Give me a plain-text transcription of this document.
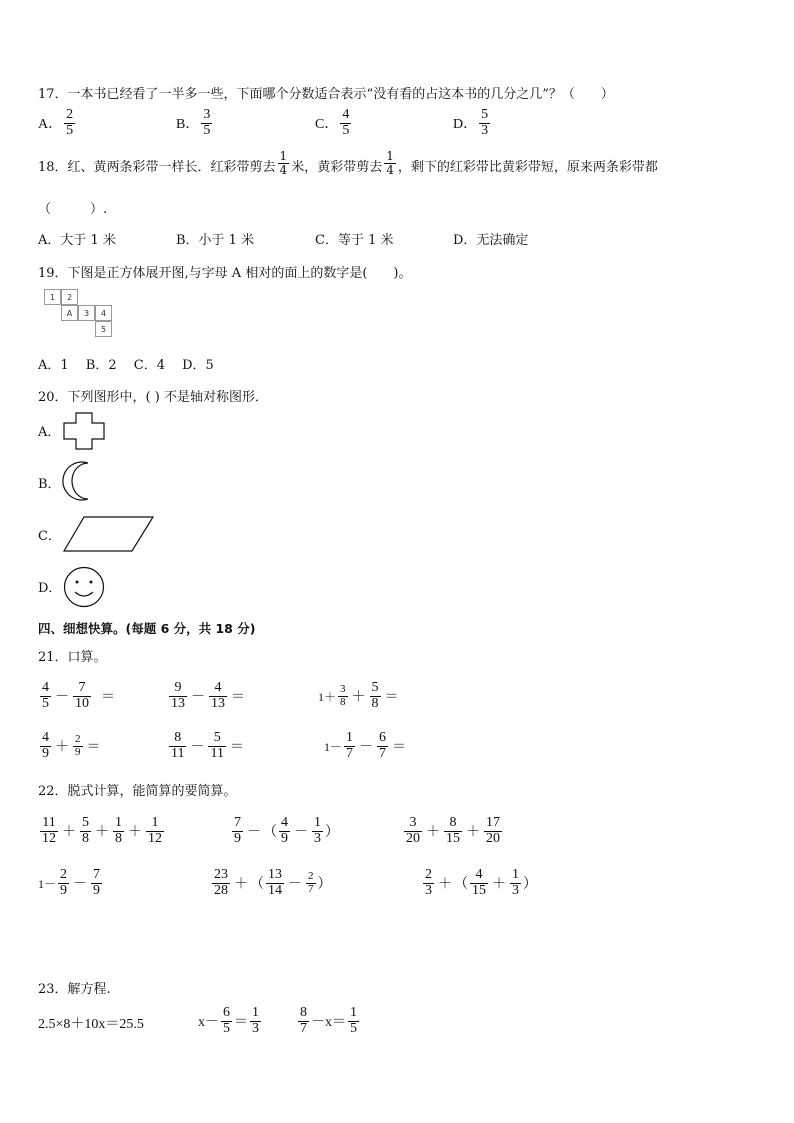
17．一本书已经看了一半多一些，下面哪个分数适合表示“没有看的占这本书的几分之几”？（　　）
A． $\frac{2}{5}$	B． $\frac{3}{5}$	C． $\frac{4}{5}$	D． $\frac{5}{3}$
18．红、黄两条彩带一样长．红彩带剪去 $\frac{1}{4}$ 米，黄彩带剪去 $\frac{1}{4}$ ，剩下的红彩带比黄彩带短，原来两条彩带都
（　　　）.
A．大于 1 米	B．小于 1 米	C．等于 1 米	D．无法确定
19．下图是正方体展开图,与字母 A 相对的面上的数字是(　　)。
1	2
A	3	4
5
A．1　 B．2　 C．4　 D．5
20．下列图形中，( ) 不是轴对称图形．
A．
B．
C．
D．
四、细想快算。(每题 6 分，共 18 分)
21．口算。
$\frac{4}{5} - \frac{7}{10}$ ＝	$\frac{9}{13} - \frac{4}{13}$ ＝	$1+ \frac{3}{8} + \frac{5}{8}$ ＝
$\frac{4}{9} + \frac{2}{9}$ ＝	$\frac{8}{11} - \frac{5}{11}$ ＝	$1- \frac{1}{7} - \frac{6}{7}$ ＝
22．脱式计算，能简算的要简算。
$\frac{11}{12} + \frac{5}{8} + \frac{1}{8} + \frac{1}{12}$	$\frac{7}{9}$ － （ $\frac{4}{9} - \frac{1}{3}$ ）	$\frac{3}{20} + \frac{8}{15} + \frac{17}{20}$
$1- \frac{2}{9} - \frac{7}{9}$	$\frac{23}{28}$ ＋ （ $\frac{13}{14} - \frac{2}{7}$ ）	$\frac{2}{3}$ ＋ （ $\frac{4}{15} + \frac{1}{3}$ ）
23．解方程.
2.5×8＋10x＝25.5	$x- \frac{6}{5} = \frac{1}{3}$	$\frac{8}{7} -x= \frac{1}{5}$
